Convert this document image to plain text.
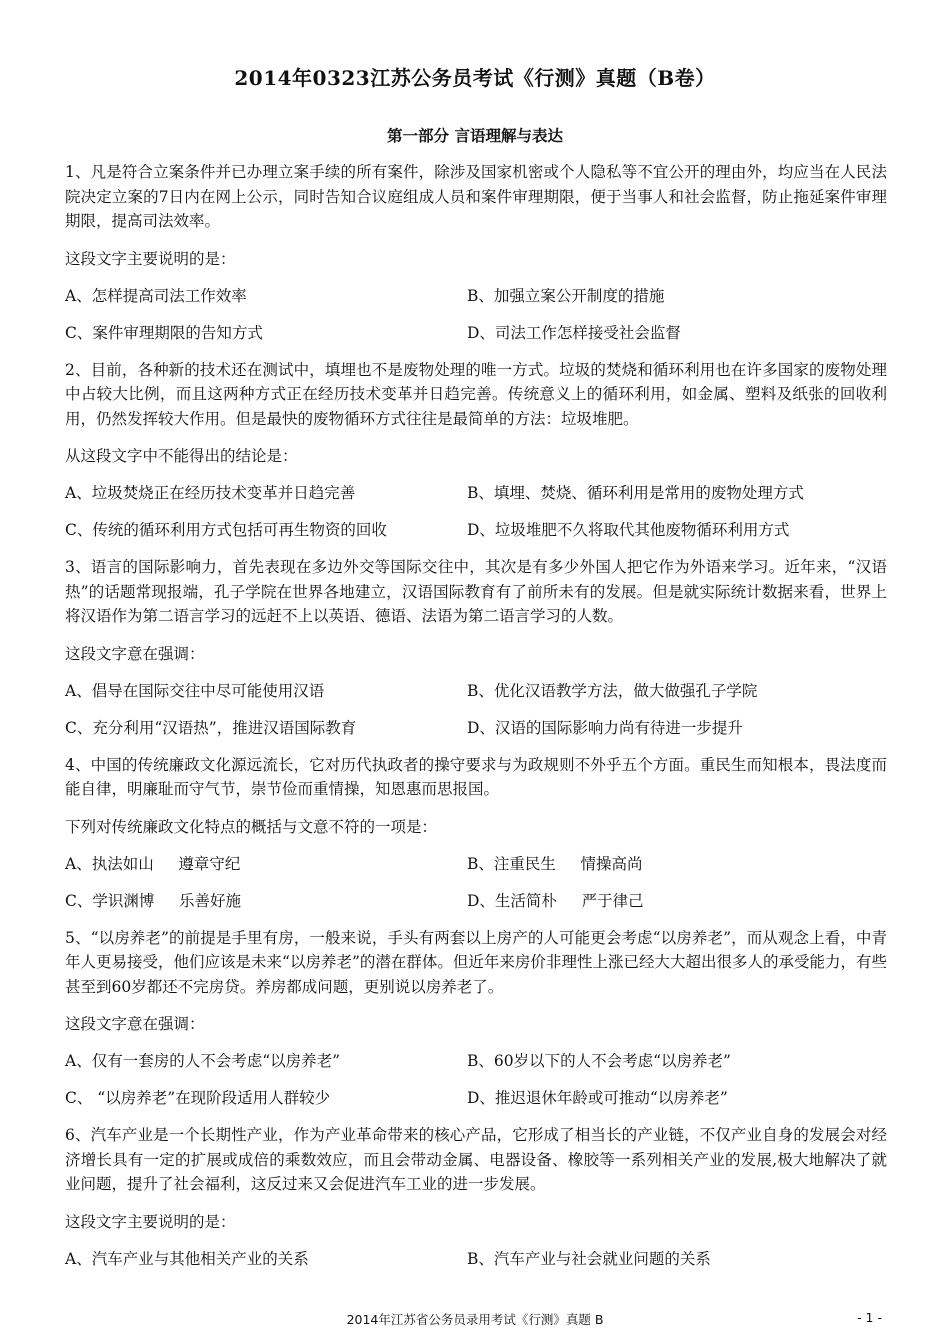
2014年0323江苏公务员考试《行测》真题（B卷）
第一部分 言语理解与表达

1、凡是符合立案条件并已办理立案手续的所有案件，除涉及国家机密或个人隐私等不宜公开的理由外，均应当在人民法院决定立案的7日内在网上公示，同时告知合议庭组成人员和案件审理期限，便于当事人和社会监督，防止拖延案件审理期限，提高司法效率。

这段文字主要说明的是：

A、怎样提高司法工作效率	B、加强立案公开制度的措施
C、案件审理期限的告知方式	D、司法工作怎样接受社会监督

2、目前，各种新的技术还在测试中，填埋也不是废物处理的唯一方式。垃圾的焚烧和循环利用也在许多国家的废物处理中占较大比例，而且这两种方式正在经历技术变革并日趋完善。传统意义上的循环利用，如金属、塑料及纸张的回收利用，仍然发挥较大作用。但是最快的废物循环方式往往是最简单的方法：垃圾堆肥。

从这段文字中不能得出的结论是：

A、垃圾焚烧正在经历技术变革并日趋完善	B、填埋、焚烧、循环利用是常用的废物处理方式
C、传统的循环利用方式包括可再生物资的回收	D、垃圾堆肥不久将取代其他废物循环利用方式

3、语言的国际影响力，首先表现在多边外交等国际交往中，其次是有多少外国人把它作为外语来学习。近年来，“汉语热”的话题常现报端，孔子学院在世界各地建立，汉语国际教育有了前所未有的发展。但是就实际统计数据来看，世界上将汉语作为第二语言学习的远赶不上以英语、德语、法语为第二语言学习的人数。

这段文字意在强调：

A、倡导在国际交往中尽可能使用汉语	B、优化汉语教学方法，做大做强孔子学院
C、充分利用“汉语热”，推进汉语国际教育	D、汉语的国际影响力尚有待进一步提升

4、中国的传统廉政文化源远流长，它对历代执政者的操守要求与为政规则不外乎五个方面。重民生而知根本，畏法度而能自律，明廉耻而守气节，崇节俭而重情操，知恩惠而思报国。

下列对传统廉政文化特点的概括与文意不符的一项是：

A、执法如山     遵章守纪	B、注重民生     情操高尚
C、学识渊博     乐善好施	D、生活简朴     严于律己

5、“以房养老”的前提是手里有房，一般来说，手头有两套以上房产的人可能更会考虑“以房养老”，而从观念上看，中青年人更易接受，他们应该是未来“以房养老”的潜在群体。但近年来房价非理性上涨已经大大超出很多人的承受能力，有些甚至到60岁都还不完房贷。养房都成问题，更别说以房养老了。

这段文字意在强调：

A、仅有一套房的人不会考虑“以房养老”	B、60岁以下的人不会考虑“以房养老”
C、 “以房养老”在现阶段适用人群较少	D、推迟退休年龄或可推动“以房养老”

6、汽车产业是一个长期性产业，作为产业革命带来的核心产品，它形成了相当长的产业链，不仅产业自身的发展会对经济增长具有一定的扩展或成倍的乘数效应，而且会带动金属、电器设备、橡胶等一系列相关产业的发展,极大地解决了就业问题，提升了社会福利，这反过来又会促进汽车工业的进一步发展。

这段文字主要说明的是：

A、汽车产业与其他相关产业的关系	B、汽车产业与社会就业问题的关系
2014年江苏省公务员录用考试《行测》真题 B	- 1 -
